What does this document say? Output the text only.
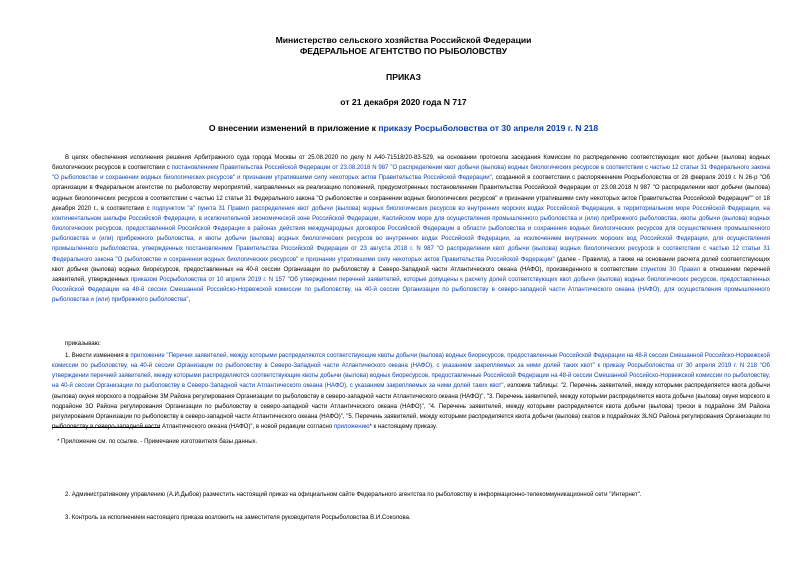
Министерство сельского хозяйства Российской Федерации
ФЕДЕРАЛЬНОЕ АГЕНТСТВО ПО РЫБОЛОВСТВУ
ПРИКАЗ
от 21 декабря 2020 года N 717
О внесении изменений в приложение к приказу Росрыболовства от 30 апреля 2019 г. N 218
В целях обеспечения исполнения решения Арбитражного суда города Москвы от 25.08.2020 по делу N А40-71518/20-83-529, на основании протокола заседания Комиссии по распределению соответствующих квот добычи (вылова) водных биологических ресурсов в соответствии с постановлением Правительства Российской Федерации от 23.08.2018 N 987 "О распределении квот добычи (вылова) водных биологических ресурсов в соответствии с частью 12 статьи 31 Федерального закона "О рыболовстве и сохранении водных биологических ресурсов" и признании утратившими силу некоторых актов Правительства Российской Федерации", созданной в соответствии с распоряжением Росрыболовства от 28 февраля 2019 г. N 26-р "Об организации в Федеральном агентстве по рыболовству мероприятий, направленных на реализацию положений, предусмотренных постановлением Правительства Российской Федерации от 23.08.2018 N 987 "О распределении квот добычи (вылова) водных биологических ресурсов в соответствии с частью 12 статьи 31 Федерального закона "О рыболовстве и сохранении водных биологических ресурсов" и признании утратившими силу некоторых актов Правительства Российской Федерации"" от 18 декабря 2020 г., в соответствии с подпунктом "а" пункта 31 Правил распределения квот добычи (вылова) водных биологических ресурсов во внутренних морских водах Российской Федерации, в территориальном море Российской Федерации, на континентальном шельфе Российской Федерации, в исключительной экономической зоне Российской Федерации, Каспийском море для осуществления промышленного рыболовства и (или) прибрежного рыболовства, квоты добычи (вылова) водных биологических ресурсов, предоставленной Российской Федерации в районах действия международных договоров Российской Федерации в области рыболовства и сохранения водных биологических ресурсов для осуществления промышленного рыболовства и (или) прибрежного рыболовства, и квоты добычи (вылова) водных биологических ресурсов во внутренних водах Российской Федерации, за исключением внутренних морских вод Российской Федерации, для осуществления промышленного рыболовства, утвержденных постановлением Правительства Российской Федерации от 23 августа 2018 г. N 987 "О распределении квот добычи (вылова) водных биологических ресурсов в соответствии с частью 12 статьи 31 Федерального закона "О рыболовстве и сохранении водных биологических ресурсов" и признании утратившими силу некоторых актов Правительства Российской Федерации" (далее - Правила), а также на основании расчета долей соответствующих квот добычи (вылова) водных биоресурсов, предоставленных на 40-й сессии Организации по рыболовству в Северо-Западной части Атлантического океана (НАФО), произведенного в соответствии спунктом 30 Правил в отношении перечней заявителей, утвержденных приказом Росрыболовства от 10 апреля 2019 г. N 157 "Об утверждении перечней заявителей, которые допущены к расчету долей соответствующих квот добычи (вылова) водных биологических ресурсов, предоставленных Российской Федерации на 48-й сессии Смешанной Российско-Норвежской комиссии по рыболовству, на 40-й сессии Организации по рыболовству в северо-западной части Атлантического океана (НАФО), для осуществления промышленного рыболовства и (или) прибрежного рыболовства",
приказываю:
1. Внести изменения в приложение "Перечни заявителей, между которыми распределяются соответствующие квоты добычи (вылова) водных биоресурсов, предоставленные Российской Федерации на 48-й сессии Смешанной Российско-Норвежской комиссии по рыболовству, на 40-й сессии Организации по рыболовству в Северо-Западной части Атлантического океана (НАФО), с указанием закрепляемых за ними долей таких квот" к приказу Росрыболовства от 30 апреля 2019 г. N 218 "Об утверждении перечней заявителей, между которыми распределяются соответствующие квоты добычи (вылова) водных биоресурсов, предоставленные Российской Федерации на 48-й сессии Смешанной Российско-Норвежской комиссии по рыболовству, на 40-й сессии Организации по рыболовству в Северо-Западной части Атлантического океана (НАФО), с указанием закрепляемых за ними долей таких квот", изложив таблицы: "2. Перечень заявителей, между которыми распределяется квота добычи (вылова) окуня морского в подрайоне 3М Района регулирования Организации по рыболовству в северо-западной части Атлантического океана (НАФО)", "3. Перечень заявителей, между которыми распределяется квота добычи (вылова) окуня морского в подрайоне 3О Района регулирования Организации по рыболовству в северо-западной части Атлантического океана (НАФО)", "4. Перечень заявителей, между которыми распределяется квота добычи (вылова) трески в подрайоне 3М Района регулирования Организации по рыболовству в северо-западной части Атлантического океана (НАФО)", "5. Перечень заявителей, между которыми распределяется квота добычи (вылова) скатов в подрайонах 3LNO Района регулирования Организации по рыболовству в северо-западной части Атлантического океана (НАФО)", в новой редакции согласно приложению* к настоящему приказу.
* Приложение см. по ссылке. - Примечание изготовителя базы данных.
2. Административному управлению (А.И.Дыбов) разместить настоящий приказ на официальном сайте Федерального агентства по рыболовству в информационно-телекоммуникационной сети "Интернет".
3. Контроль за исполнением настоящего приказа возложить на заместителя руководителя Росрыболовства В.И.Соколова.
